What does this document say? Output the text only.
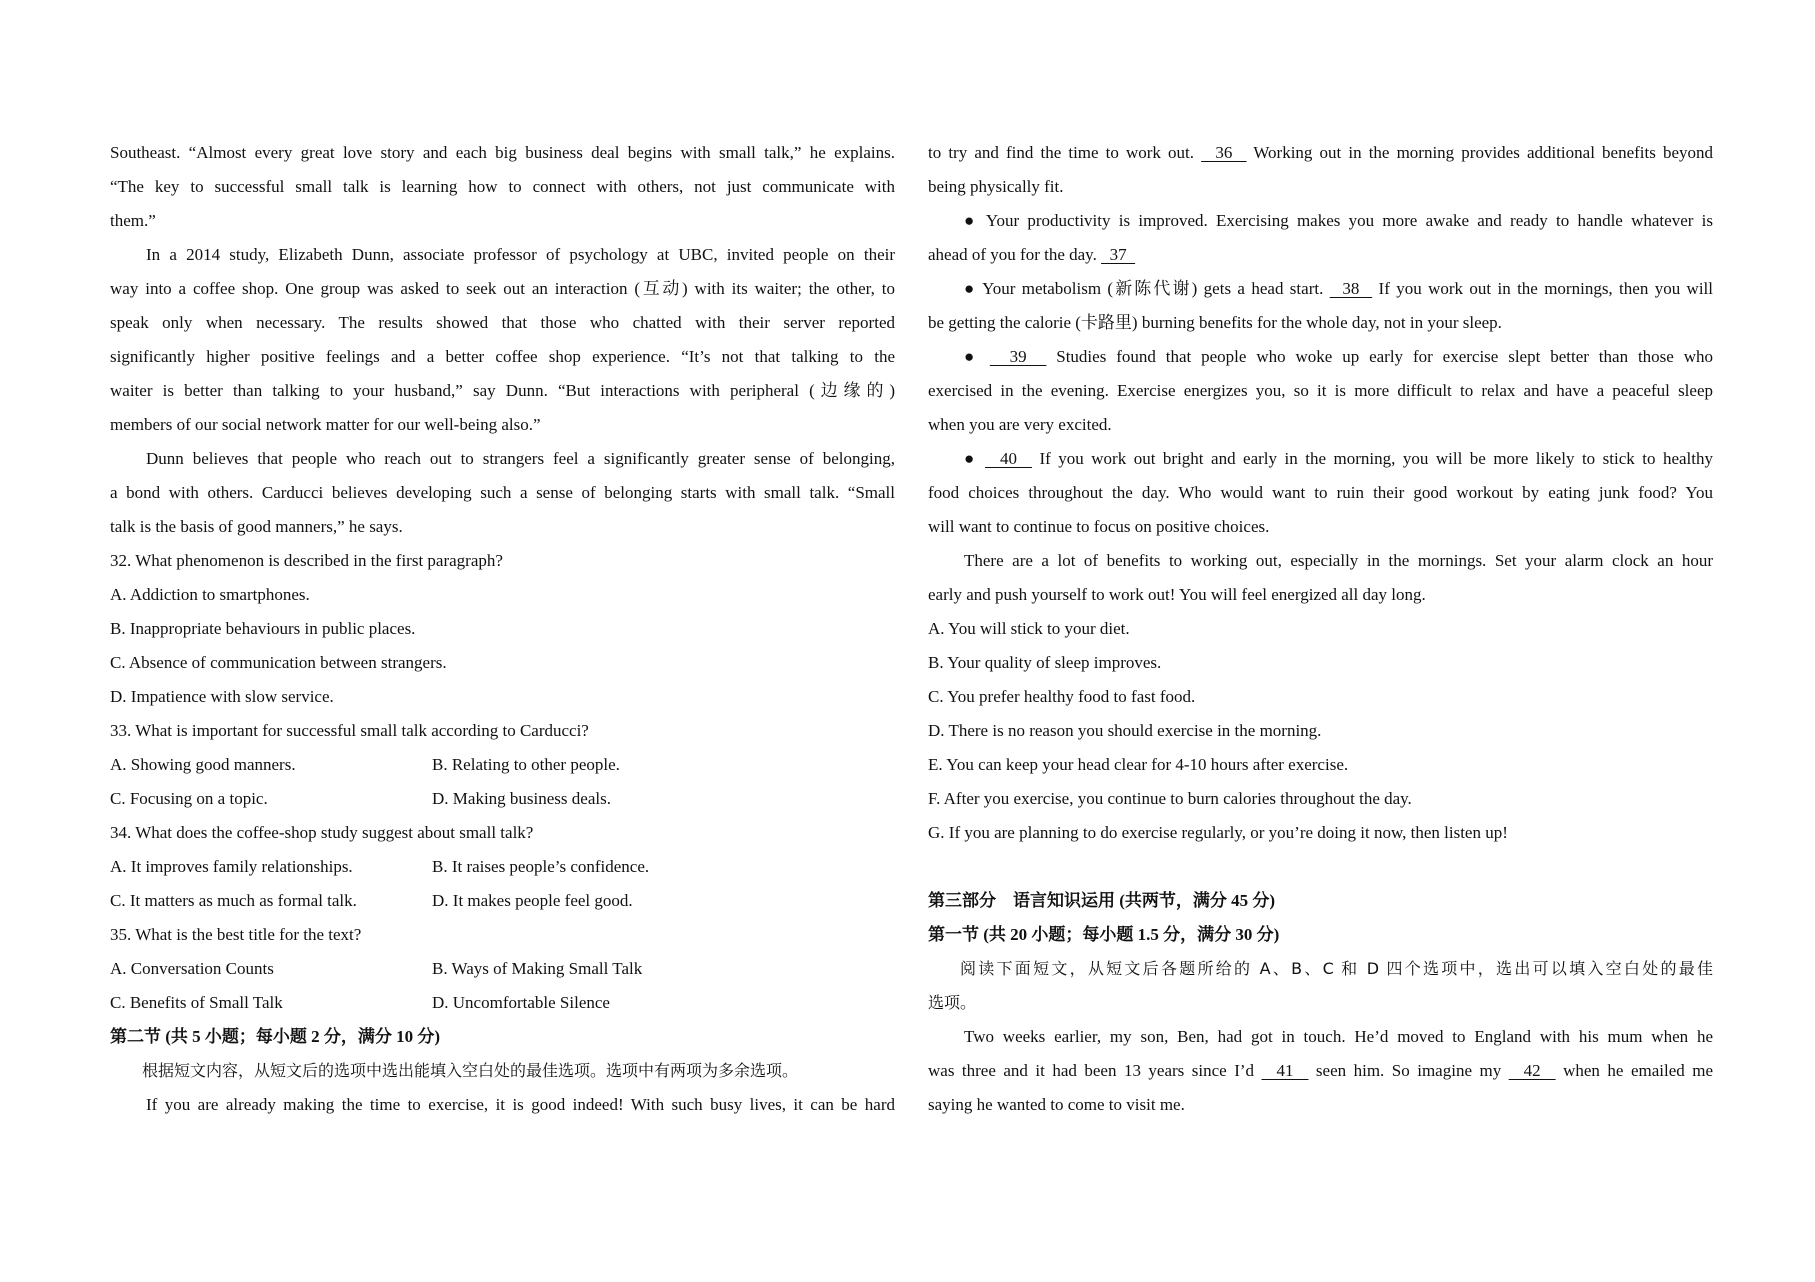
Southeast. “Almost every great love story and each big business deal begins with small talk,” he explains.
“The key to successful small talk is learning how to connect with others, not just communicate with
them.”
In a 2014 study, Elizabeth Dunn, associate professor of psychology at UBC, invited people on their
way into a coffee shop. One group was asked to seek out an interaction (互动) with its waiter; the other, to
speak only when necessary. The results showed that those who chatted with their server reported
significantly higher positive feelings and a better coffee shop experience. “It’s not that talking to the
waiter is better than talking to your husband,” say Dunn. “But interactions with peripheral (边缘的)
members of our social network matter for our well-being also.”
Dunn believes that people who reach out to strangers feel a significantly greater sense of belonging,
a bond with others. Carducci believes developing such a sense of belonging starts with small talk. “Small
talk is the basis of good manners,” he says.
32. What phenomenon is described in the first paragraph?
A. Addiction to smartphones.
B. Inappropriate behaviours in public places.
C. Absence of communication between strangers.
D. Impatience with slow service.
33. What is important for successful small talk according to Carducci?
A. Showing good manners.	B. Relating to other people.
C. Focusing on a topic.	D. Making business deals.
34. What does the coffee-shop study suggest about small talk?
A. It improves family relationships.	B. It raises people’s confidence.
C. It matters as much as formal talk.	D. It makes people feel good.
35. What is the best title for the text?
A. Conversation Counts	B. Ways of Making Small Talk
C. Benefits of Small Talk	D. Uncomfortable Silence
第二节 (共 5 小题；每小题 2 分，满分 10 分)
根据短文内容，从短文后的选项中选出能填入空白处的最佳选项。选项中有两项为多余选项。
If you are already making the time to exercise, it is good indeed! With such busy lives, it can be hard
to try and find the time to work out.   36   Working out in the morning provides additional benefits beyond
being physically fit.
● Your productivity is improved. Exercising makes you more awake and ready to handle whatever is
ahead of you for the day.   37
● Your metabolism (新陈代谢) gets a head start.   38   If you work out in the mornings, then you will
be getting the calorie (卡路里) burning benefits for the whole day, not in your sleep.
●   39   Studies found that people who woke up early for exercise slept better than those who
exercised in the evening. Exercise energizes you, so it is more difficult to relax and have a peaceful sleep
when you are very excited.
●   40   If you work out bright and early in the morning, you will be more likely to stick to healthy
food choices throughout the day. Who would want to ruin their good workout by eating junk food? You
will want to continue to focus on positive choices.
There are a lot of benefits to working out, especially in the mornings. Set your alarm clock an hour
early and push yourself to work out! You will feel energized all day long.
A. You will stick to your diet.
B. Your quality of sleep improves.
C. You prefer healthy food to fast food.
D. There is no reason you should exercise in the morning.
E. You can keep your head clear for 4-10 hours after exercise.
F. After you exercise, you continue to burn calories throughout the day.
G. If you are planning to do exercise regularly, or you’re doing it now, then listen up!
第三部分　语言知识运用 (共两节，满分 45 分)
第一节 (共 20 小题；每小题 1.5 分，满分 30 分)
阅读下面短文，从短文后各题所给的 A、B、C 和 D 四个选项中，选出可以填入空白处的最佳
选项。
Two weeks earlier, my son, Ben, had got in touch. He’d moved to England with his mum when he
was three and it had been 13 years since I’d   41   seen him. So imagine my   42   when he emailed me
saying he wanted to come to visit me.
